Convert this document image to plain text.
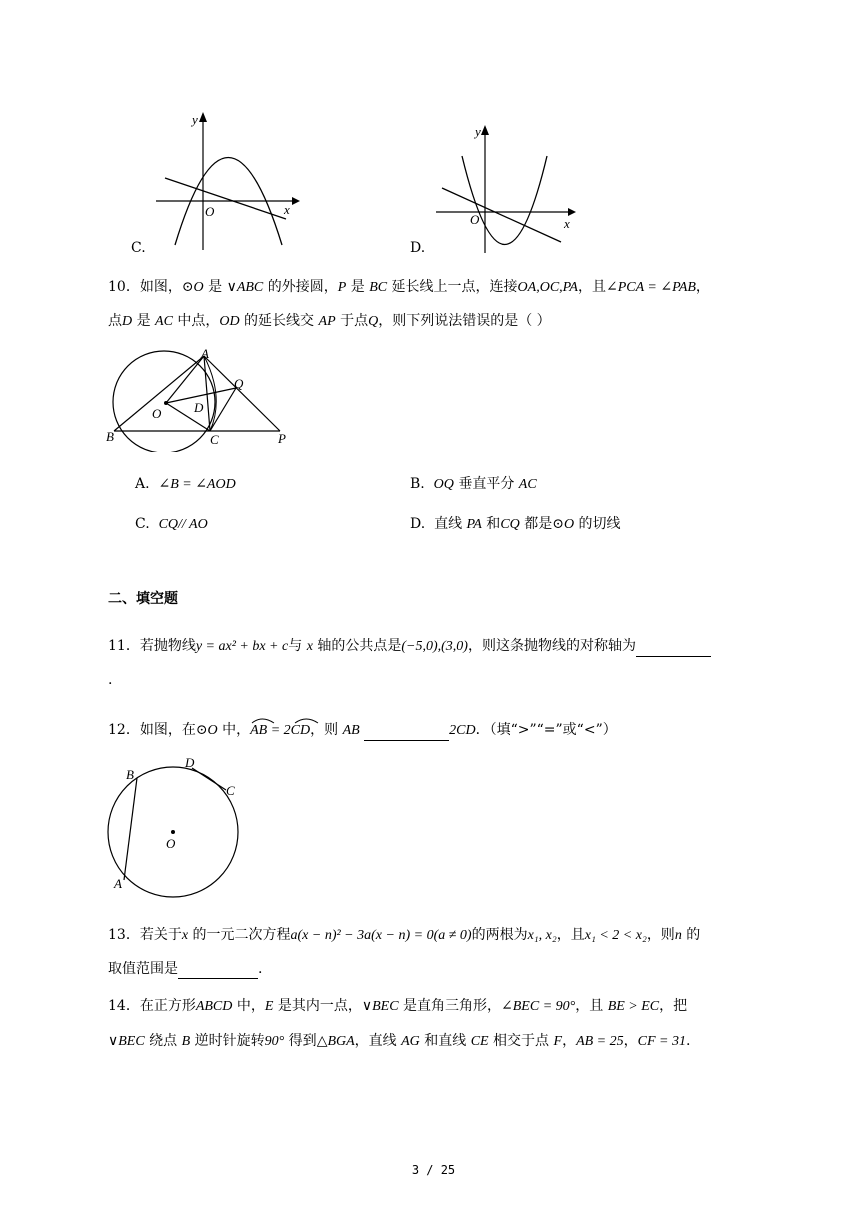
y
x
O
C.
y
x
O
D.
10．如图，⊙O 是 ∨ABC 的外接圆，P 是 BC 延长线上一点，连接OA,OC,PA，且∠PCA = ∠PAB，
点D 是 AC 中点，OD 的延长线交 AP 于点Q，则下列说法错误的是（ ）
A
B	C
D
O
Q
P
A. ∠B = ∠AOD	B. OQ 垂直平分 AC
C. CQ// AO	D. 直线 PA 和CQ 都是⊙O 的切线
二、填空题
11．若抛物线y = ax² + bx + c与 x 轴的公共点是(−5,0),(3,0)，则这条抛物线的对称轴为
.
12．如图，在⊙O 中，AB = 2CD
，则 AB	2CD．（填“>”“=”或“<”）
B
D
C
O
A
13．若关于x 的一元二次方程a(x − n)² − 3a(x − n) = 0(a ≠ 0)的两根为x₁, x₂，且x₁ < 2 < x₂，则n 的
取值范围是	.
14．在正方形ABCD 中，E 是其内一点，∨BEC 是直角三角形，∠BEC = 90°，且 BE > EC，把
∨BEC 绕点 B 逆时针旋转90° 得到△BGA，直线 AG 和直线 CE 相交于点 F，AB = 25，CF = 31.
3 / 25
